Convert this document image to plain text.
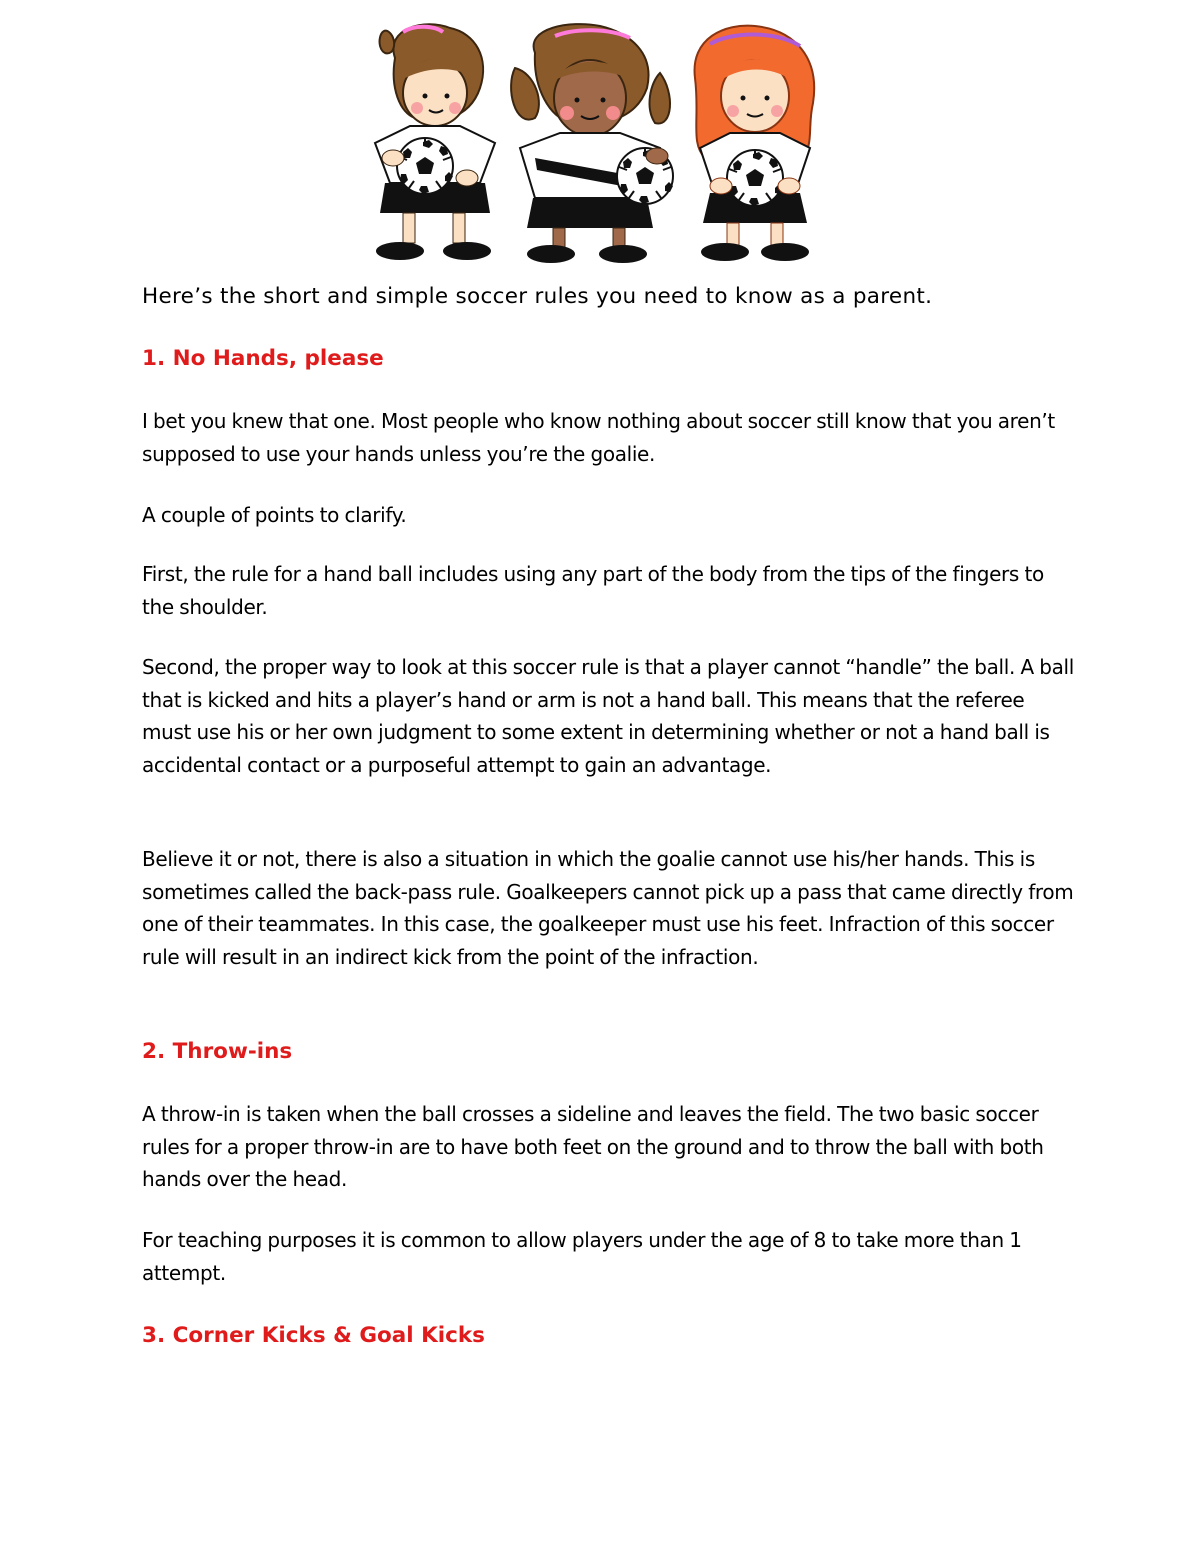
Here’s the short and simple soccer rules you need to know as a parent.

1. No Hands, please

I bet you knew that one. Most people who know nothing about soccer still know that you aren’t supposed to use your hands unless you’re the goalie.

A couple of points to clarify.

First, the rule for a hand ball includes using any part of the body from the tips of the fingers to the shoulder.

Second, the proper way to look at this soccer rule is that a player cannot “handle” the ball. A ball that is kicked and hits a player’s hand or arm is not a hand ball. This means that the referee must use his or her own judgment to some extent in determining whether or not a hand ball is accidental contact or a purposeful attempt to gain an advantage.

Believe it or not, there is also a situation in which the goalie cannot use his/her hands. This is sometimes called the back-pass rule. Goalkeepers cannot pick up a pass that came directly from one of their teammates. In this case, the goalkeeper must use his feet. Infraction of this soccer rule will result in an indirect kick from the point of the infraction.

2. Throw-ins

A throw-in is taken when the ball crosses a sideline and leaves the field. The two basic soccer rules for a proper throw-in are to have both feet on the ground and to throw the ball with both hands over the head.

For teaching purposes it is common to allow players under the age of 8 to take more than 1 attempt.

3. Corner Kicks & Goal Kicks
